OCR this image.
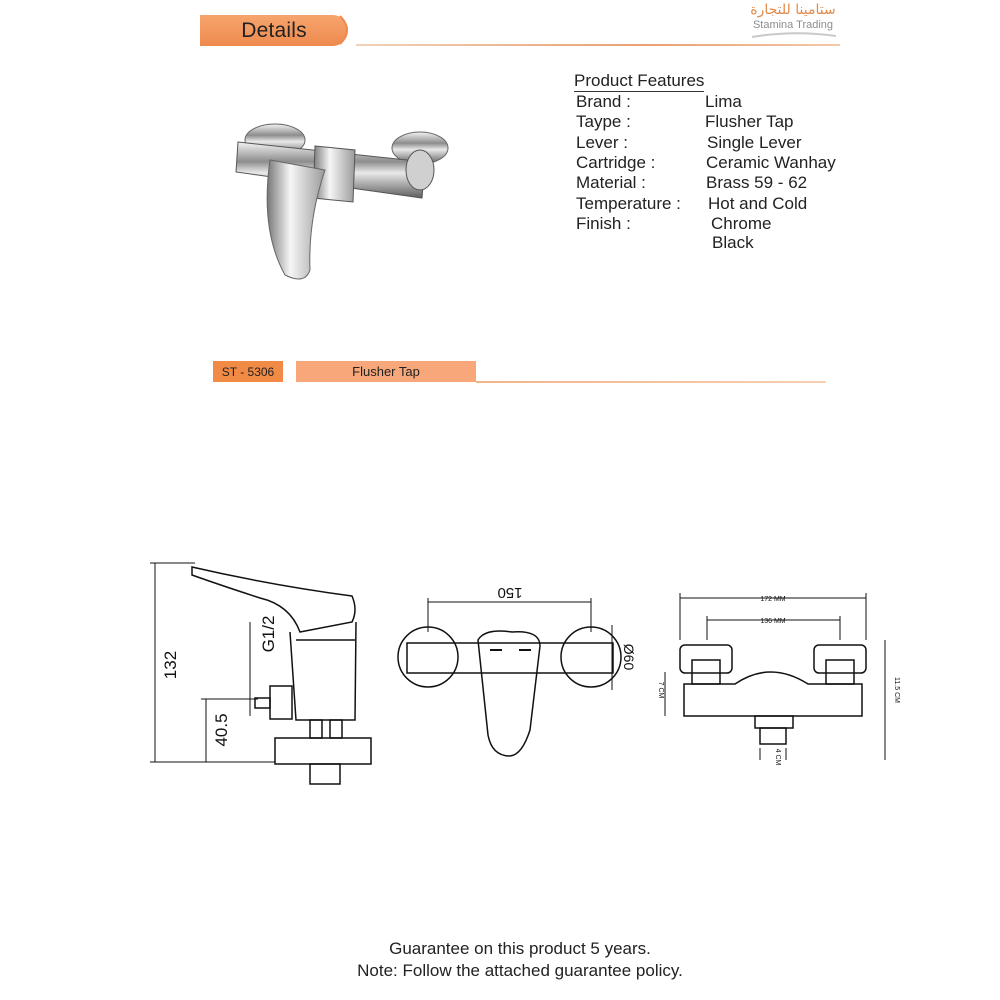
Details
ستامينا للتجارة
Stamina Trading
Product Features
Brand :	Lima
Taype :	Flusher Tap
Lever :	Single Lever
Cartridge :	Ceramic Wanhay
Material :	Brass 59 - 62
Temperature : Hot and Cold
Finish :	Chrome
Black
ST - 5306	Flusher Tap
132
G1/2
40.5
150
Ø60
172 MM
136 MM
7 CM	11.5 CM
4 CM
Guarantee on this product 5 years.
Note: Follow the attached guarantee policy.
